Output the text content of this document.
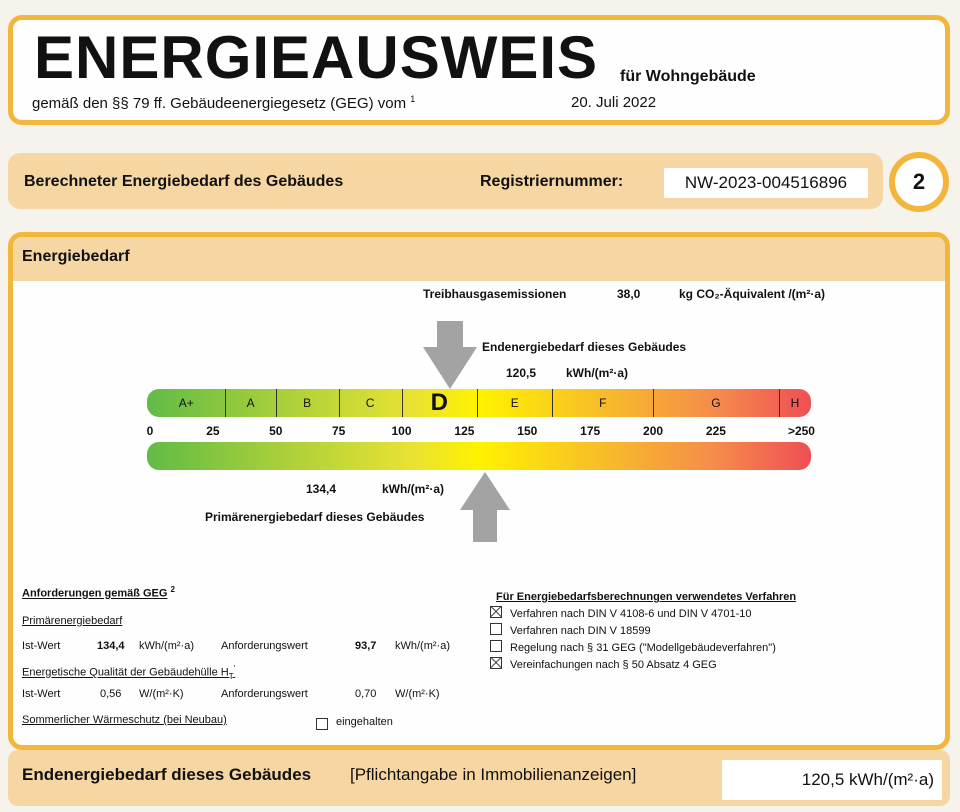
ENERGIEAUSWEIS für Wohngebäude
gemäß den §§ 79 ff. Gebäudeenergiegesetz (GEG) vom $^1$	20. Juli 2022
Berechneter Energiebedarf des Gebäudes	Registriernummer:	NW-2023-004516896	2
Energiebedarf
Treibhausgasemissionen	38,0	kg CO₂-Äquivalent /(m²·a)
Endenergiebedarf dieses Gebäudes
120,5 kWh/(m²·a)
A+	A	B	C	D	E	F	G	H
0	25	50	75	100	125	150	175	200	225	>250
134,4	kWh/(m²·a)
Primärenergiebedarf dieses Gebäudes
Anforderungen gemäß GEG $^2$
Primärenergiebedarf
Ist-Wert	134,4 kWh/(m²·a) Anforderungswert	93,7 kWh/(m²·a)
Energetische Qualität der Gebäudehülle $H_T'$
Ist-Wert	0,56 W/(m²·K)	Anforderungswert	0,70 W/(m²·K)
Sommerlicher Wärmeschutz (bei Neubau)	eingehalten
Für Energiebedarfsberechnungen verwendetes Verfahren
Verfahren nach DIN V 4108-6 und DIN V 4701-10
Verfahren nach DIN V 18599
Regelung nach § 31 GEG ("Modellgebäudeverfahren")
Vereinfachungen nach § 50 Absatz 4 GEG
Endenergiebedarf dieses Gebäudes [Pflichtangabe in Immobilienanzeigen]	120,5 kWh/(m²·a)
